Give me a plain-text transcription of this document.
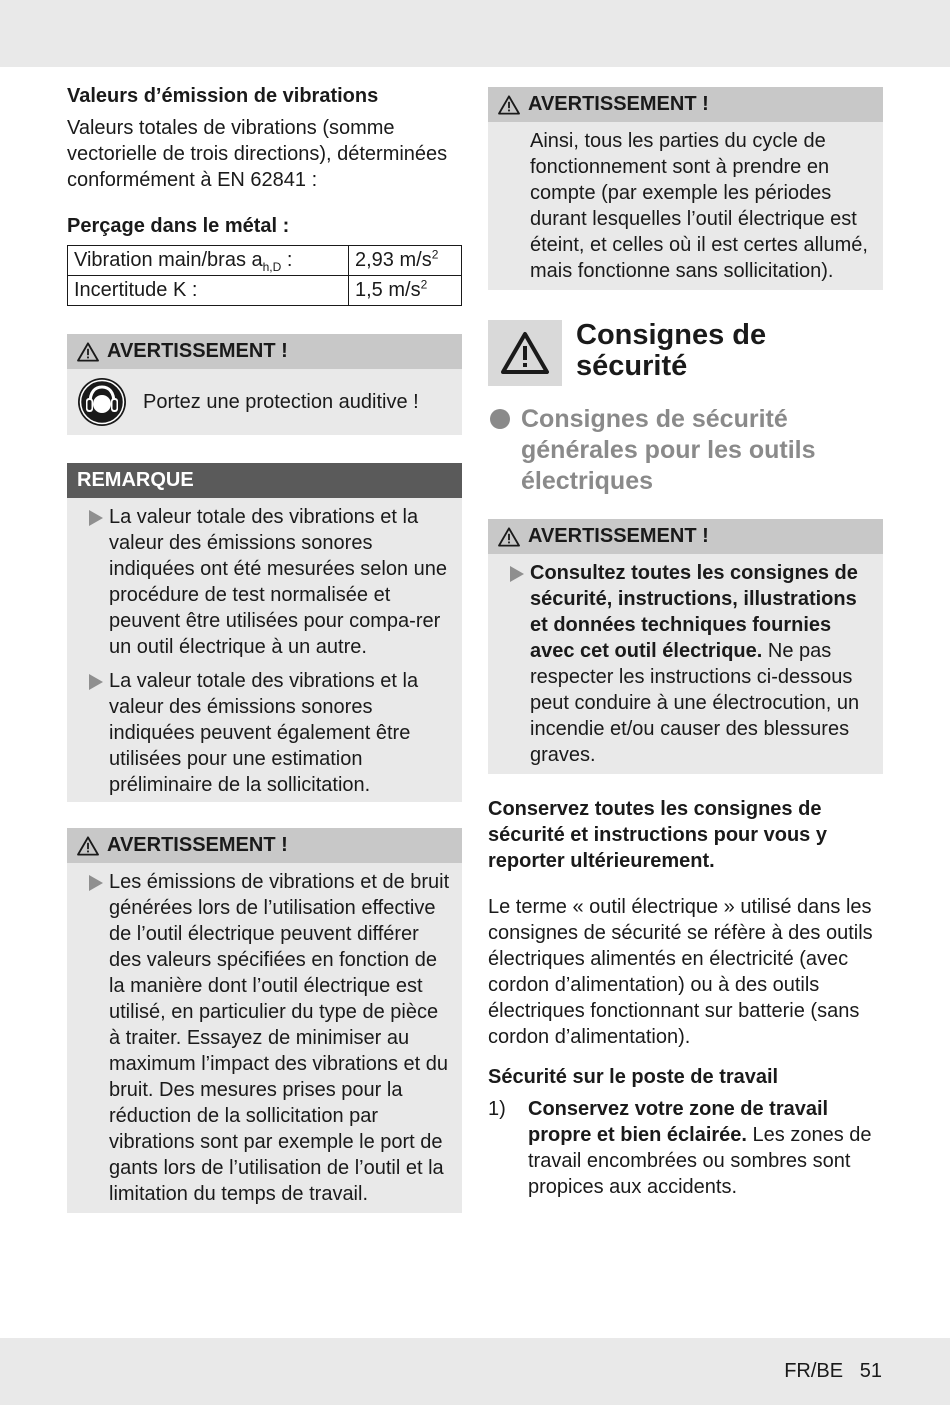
Valeurs d’émission de vibrations

Valeurs totales de vibrations (somme vectorielle de trois directions), déterminées conformément à EN 62841 :

Perçage dans le métal :
Vibration main/bras $a_{h,D}$ :	2,93 $m/s^2$
Incertitude K :	1,5 $m/s^2$
AVERTISSEMENT !
Portez une protection auditive !
REMARQUE
La valeur totale des vibrations et la valeur des émissions sonores indiquées ont été mesurées selon une procédure de test normalisée et peuvent être utilisées pour compa-rer un outil électrique à un autre.
La valeur totale des vibrations et la valeur des émissions sonores indiquées peuvent également être utilisées pour une estimation préliminaire de la sollicitation.
AVERTISSEMENT !
Les émissions de vibrations et de bruit générées lors de l’utilisation effective de l’outil électrique peuvent différer des valeurs spécifiées en fonction de la manière dont l’outil électrique est utilisé, en particulier du type de pièce à traiter. Essayez de minimiser au maximum l’impact des vibrations et du bruit. Des mesures prises pour la réduction de la sollicitation par vibrations sont par exemple le port de gants lors de l’utilisation de l’outil et la limitation du temps de travail.
AVERTISSEMENT !

Ainsi, tous les parties du cycle de fonctionnement sont à prendre en compte (par exemple les périodes durant lesquelles l’outil électrique est éteint, et celles où il est certes allumé, mais fonctionne sans sollicitation).

Consignes de sécurité
Consignes de sécurité générales pour les outils électriques
AVERTISSEMENT !
Consultez toutes les consignes de sécurité, instructions, illustrations et données techniques fournies avec cet outil électrique. Ne pas respecter les instructions ci-dessous peut conduire à une électrocution, un incendie et/ou causer des blessures graves.

Conservez toutes les consignes de sécurité et instructions pour vous y reporter ultérieurement.

Le terme « outil électrique » utilisé dans les consignes de sécurité se réfère à des outils électriques alimentés en électricité (avec cordon d’alimentation) ou à des outils électriques fonctionnant sur batterie (sans cordon d’alimentation).

Sécurité sur le poste de travail
1) Conservez votre zone de travail propre et bien éclairée. Les zones de travail encombrées ou sombres sont propices aux accidents.
FR/BE   51
